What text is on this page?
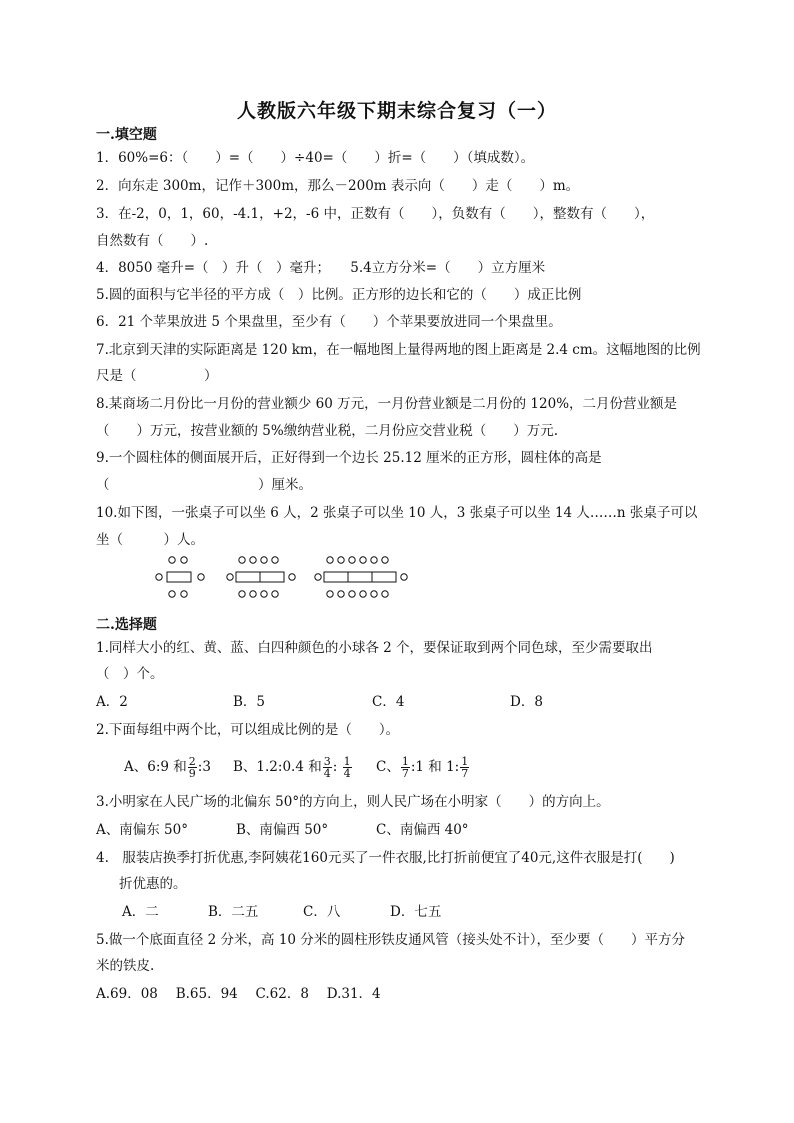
人教版六年级下期末综合复习（一）
一.填空题
1．60%=6：（　　）=（　　）÷40=（　　）折=（　　）（填成数）。
2．向东走 300m，记作＋300m，那么－200m 表示向（　　）走（　　）m。
3．在-2，0，1，60，-4.1，+2，-6 中，正数有（　　），负数有（　　），整数有（　　），
自然数有（　　）.
4．8050 毫升=（　）升（　）毫升；　　5.4立方分米=（　　）立方厘米
5.圆的面积与它半径的平方成（　）比例。正方形的边长和它的（　　）成正比例
6．21 个苹果放进 5 个果盘里，至少有（　　）个苹果要放进同一个果盘里。
7.北京到天津的实际距离是 120 km，在一幅地图上量得两地的图上距离是 2.4 cm。这幅地图的比例
尺是（　　　　　）
8.某商场二月份比一月份的营业额少 60 万元，一月份营业额是二月份的 120%，二月份营业额是
（　　）万元，按营业额的 5%缴纳营业税，二月份应交营业税（　　）万元.
9.一个圆柱体的侧面展开后，正好得到一个边长 25.12 厘米的正方形，圆柱体的高是
（　　　　　　　　　　　）厘米。
10.如下图，一张桌子可以坐 6 人，2 张桌子可以坐 10 人，3 张桌子可以坐 14 人……n 张桌子可以
坐（　　　）人。
二.选择题
1.同样大小的红、黄、蓝、白四种颜色的小球各 2 个，要保证取到两个同色球，至少需要取出
（　）个。
A．2	B．5	C．4	D．8
2.下面每组中两个比，可以组成比例的是（　　）。
A、6:9 和 $\frac{2}{9}$ :3 B、1.2:0.4 和 $\frac{3}{4}$ : $\frac{1}{4}$ C、 $\frac{1}{7}$ :1 和 1: $\frac{1}{7}$
3.小明家在人民广场的北偏东 50°的方向上，则人民广场在小明家（　　）的方向上。
A、南偏东 50°	B、南偏西 50°	C、南偏西 40°
4.　服装店换季打折优惠,李阿姨花160元买了一件衣服,比打折前便宜了40元,这件衣服是打(　　)
折优惠的。
A．二	B．二五	C．八	D．七五
5.做一个底面直径 2 分米，高 10 分米的圆柱形铁皮通风管（接头处不计），至少要（　　）平方分
米的铁皮.
A.69．08　 B.65．94　 C.62．8　 D.31．4
